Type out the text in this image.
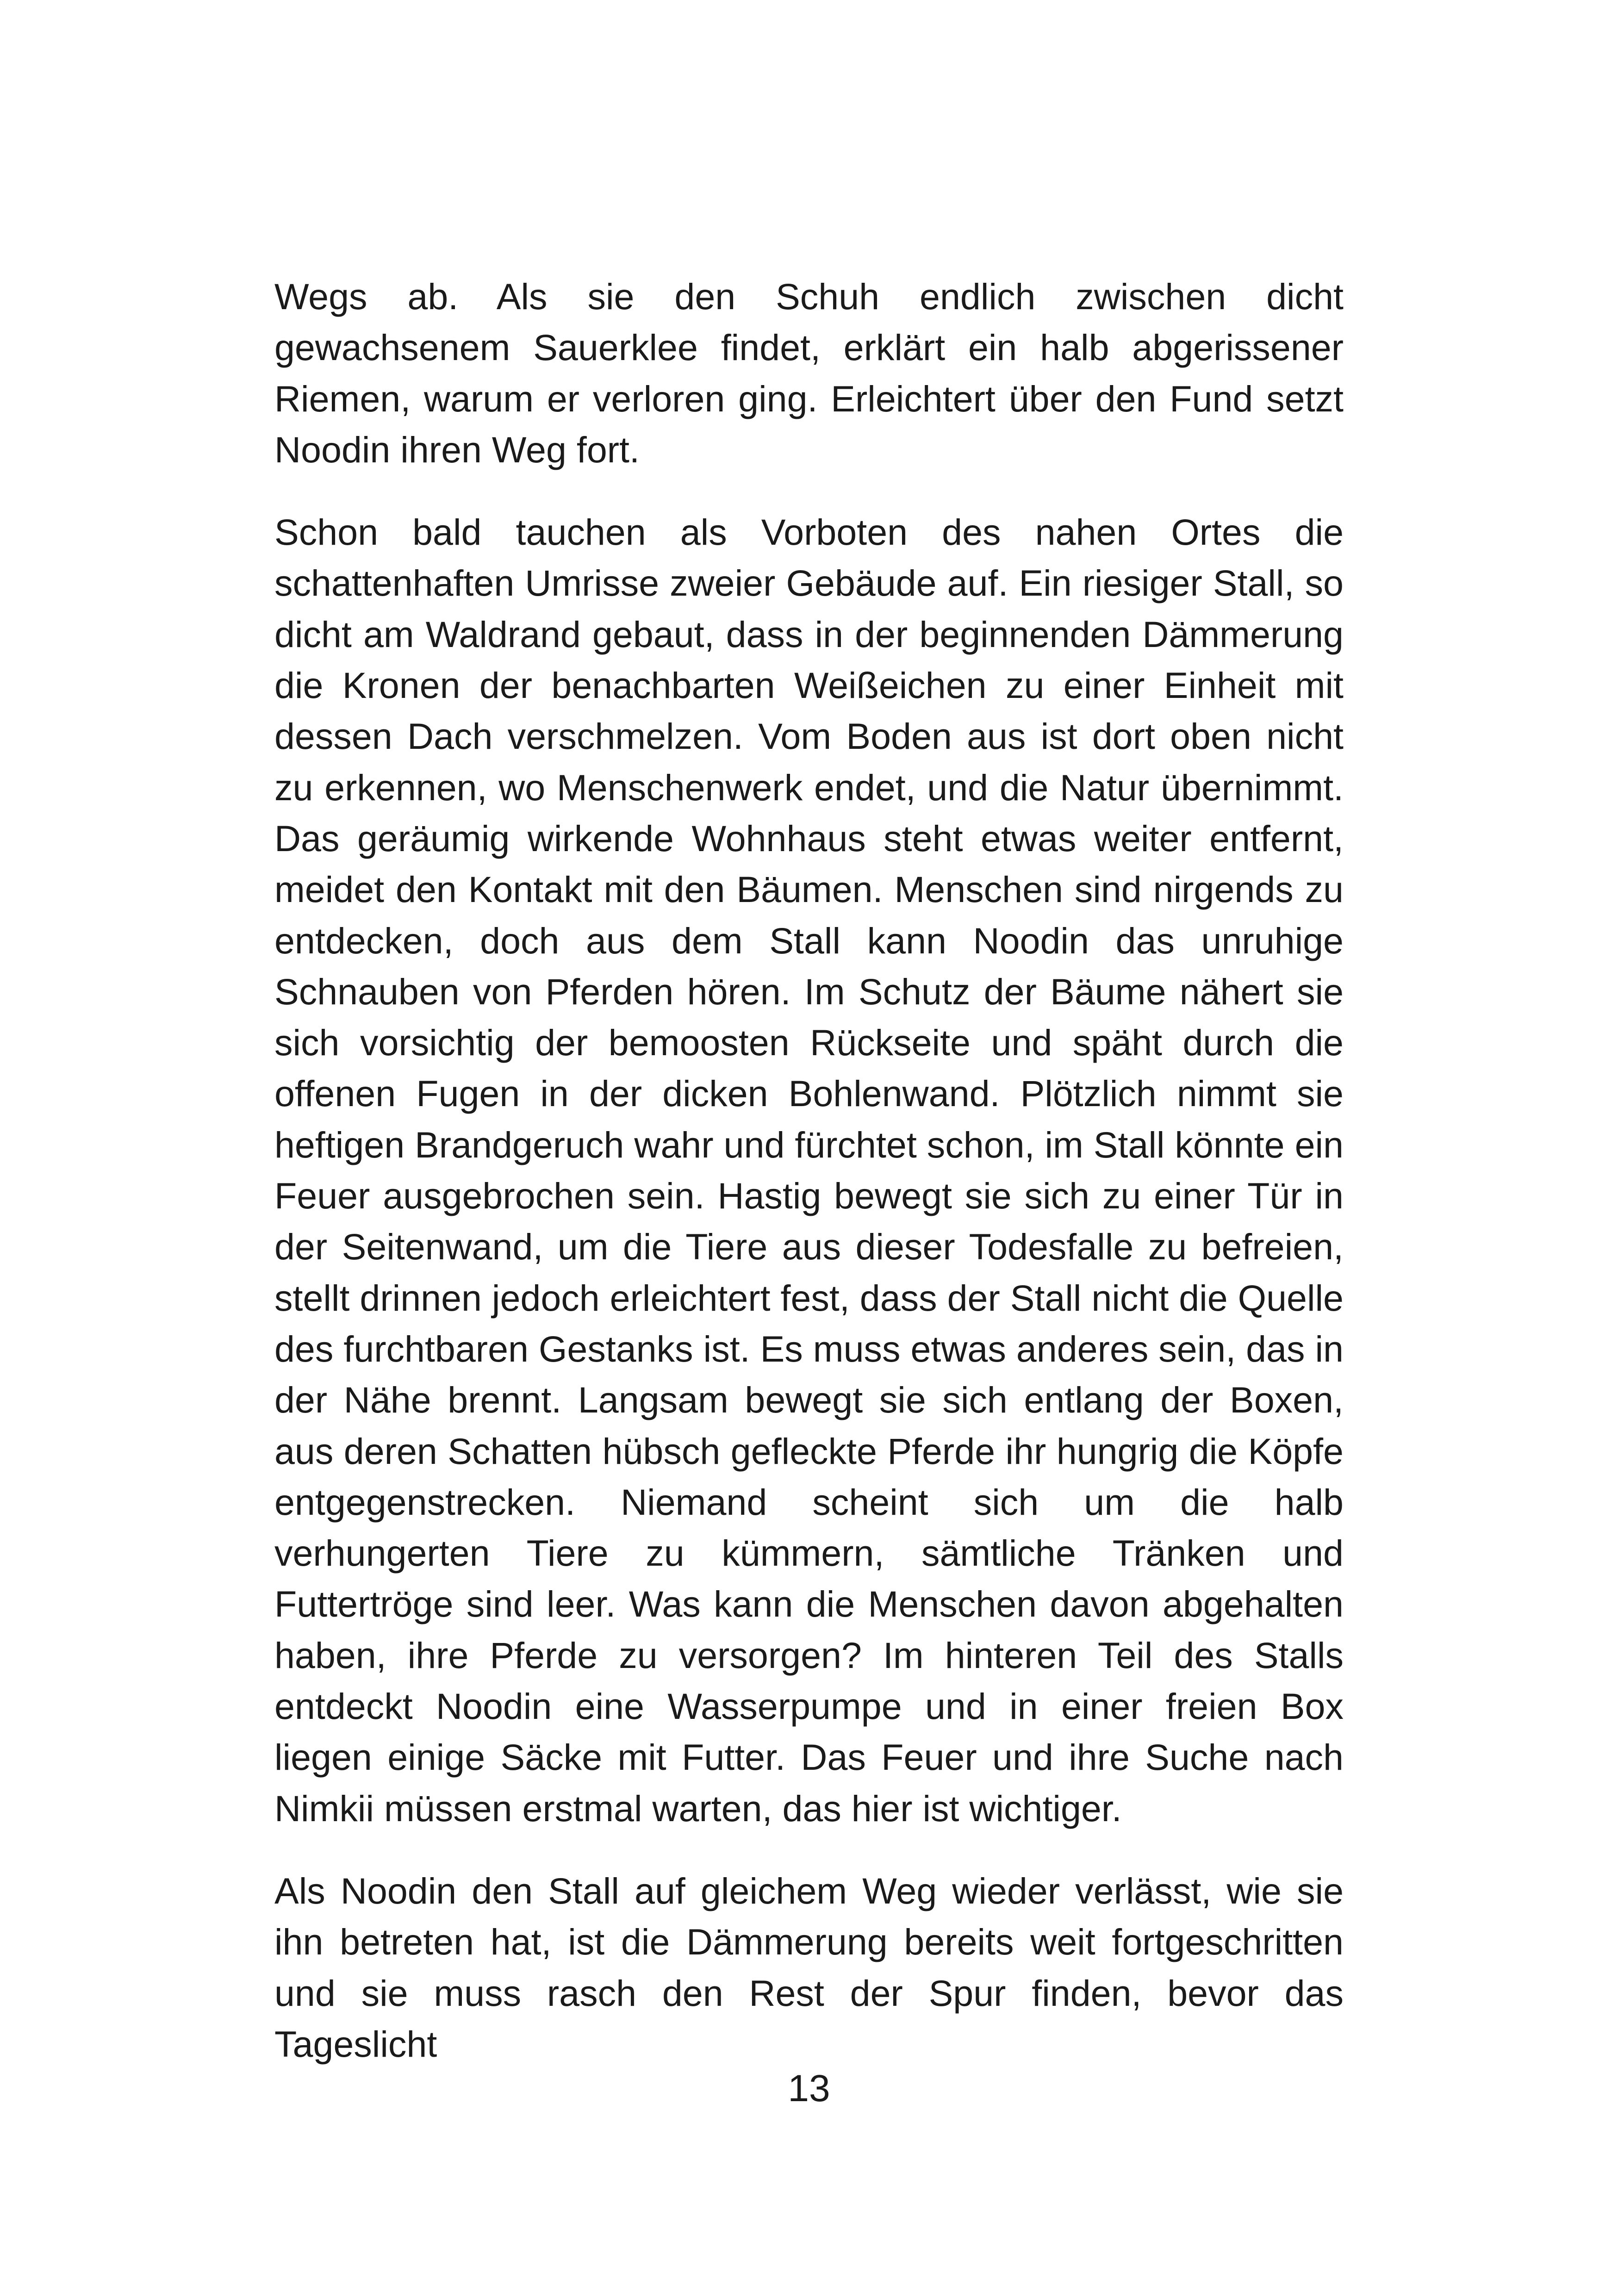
Wegs ab. Als sie den Schuh endlich zwischen dicht gewachsenem Sauerklee findet, erklärt ein halb abgerissener Riemen, warum er verloren ging. Erleichtert über den Fund setzt Noodin ihren Weg fort.

Schon bald tauchen als Vorboten des nahen Ortes die schattenhaften Umrisse zweier Gebäude auf. Ein riesiger Stall, so dicht am Waldrand gebaut, dass in der beginnenden Dämmerung die Kronen der benachbarten Weißeichen zu einer Einheit mit dessen Dach verschmelzen. Vom Boden aus ist dort oben nicht zu erkennen, wo Menschenwerk endet, und die Natur übernimmt. Das geräumig wirkende Wohnhaus steht etwas weiter entfernt, meidet den Kontakt mit den Bäumen. Menschen sind nirgends zu entdecken, doch aus dem Stall kann Noodin das unruhige Schnauben von Pferden hören. Im Schutz der Bäume nähert sie sich vorsichtig der bemoosten Rückseite und späht durch die offenen Fugen in der dicken Bohlenwand. Plötzlich nimmt sie heftigen Brandgeruch wahr und fürchtet schon, im Stall könnte ein Feuer ausgebrochen sein. Hastig bewegt sie sich zu einer Tür in der Seitenwand, um die Tiere aus dieser Todesfalle zu befreien, stellt drinnen jedoch erleichtert fest, dass der Stall nicht die Quelle des furchtbaren Gestanks ist. Es muss etwas anderes sein, das in der Nähe brennt. Langsam bewegt sie sich entlang der Boxen, aus deren Schatten hübsch gefleckte Pferde ihr hungrig die Köpfe entgegenstrecken. Niemand scheint sich um die halb verhungerten Tiere zu kümmern, sämtliche Tränken und Futtertröge sind leer. Was kann die Menschen davon abgehalten haben, ihre Pferde zu versorgen? Im hinteren Teil des Stalls entdeckt Noodin eine Wasserpumpe und in einer freien Box liegen einige Säcke mit Futter. Das Feuer und ihre Suche nach Nimkii müssen erstmal warten, das hier ist wichtiger.

Als Noodin den Stall auf gleichem Weg wieder verlässt, wie sie ihn betreten hat, ist die Dämmerung bereits weit fortgeschritten und sie muss rasch den Rest der Spur finden, bevor das Tageslicht

13
